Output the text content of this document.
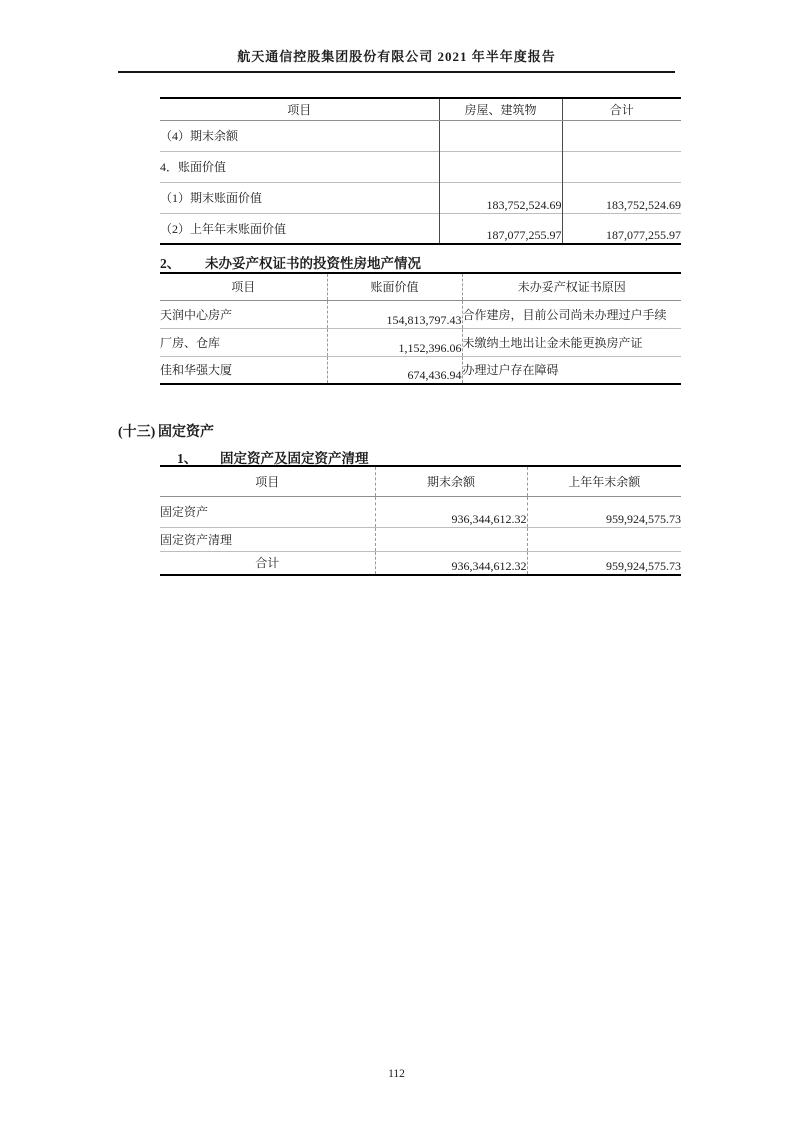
航天通信控股集团股份有限公司 2021 年半年度报告
项目	房屋、建筑物	合计
（4）期末余额		
4．账面价值		
（1）期末账面价值	183,752,524.69	183,752,524.69
（2）上年年末账面价值	187,077,255.97	187,077,255.97
2、 未办妥产权证书的投资性房地产情况
项目	账面价值	未办妥产权证书原因
天润中心房产	154,813,797.43	合作建房，目前公司尚未办理过户手续
厂房、仓库	1,152,396.06	未缴纳土地出让金未能更换房产证
佳和华强大厦	674,436.94	办理过户存在障碍
(十三) 固定资产
1、 固定资产及固定资产清理
项目	期末余额	上年年末余额
固定资产	936,344,612.32	959,924,575.73
固定资产清理		
合计	936,344,612.32	959,924,575.73
112
